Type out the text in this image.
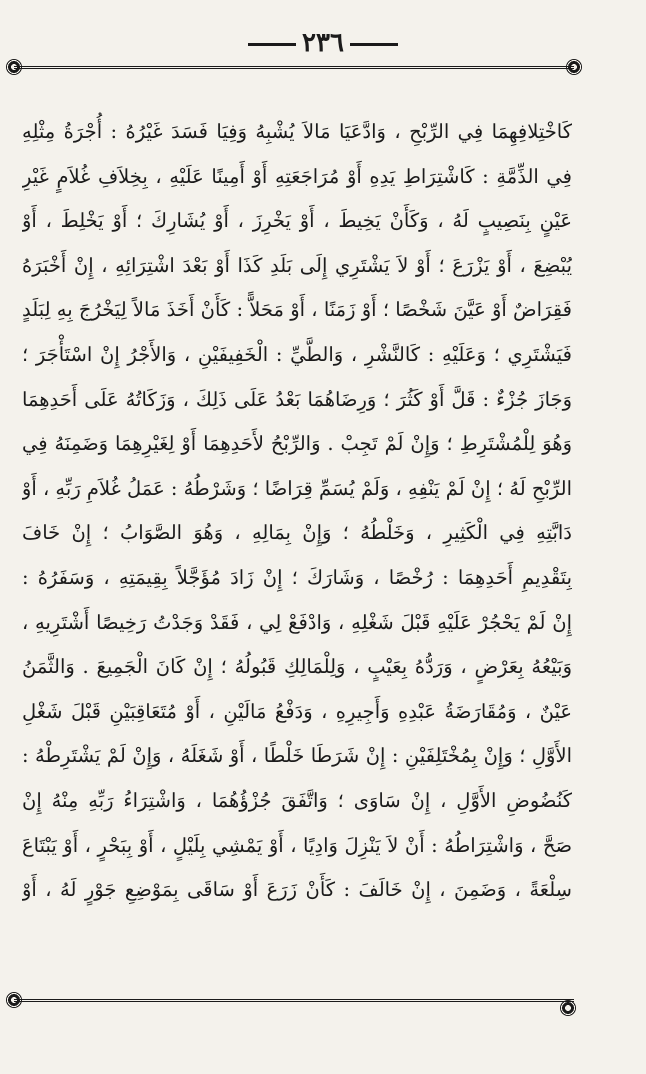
٢٣٦
كَاخْتِلافِهِمَا فِي الرِّبْحِ ، وَادَّعَيَا مَالاَ يُشْبِهُ وَفِيَا فَسَدَ غَيْرُهُ : أُجْرَةُ مِثْلِهِ
فِي الذِّمَّةِ : كَاشْتِرَاطِ يَدِهِ أَوْ مُرَاجَعَتِهِ أَوْ أَمِينًا عَلَيْهِ ، بِخِلاَفِ غُلاَمٍ غَيْرِ
عَيْنٍ بِنَصِيبٍ لَهُ ، وَكَأَنْ يَخِيطَ ، أَوْ يَخْرِزَ ، أَوْ يُشَارِكَ ؛ أَوْ يَخْلِطَ ، أَوْ
يُبْضِعَ ، أَوْ يَزْرَعَ ؛ أَوْ لاَ يَشْتَرِي إِلَى بَلَدِ كَذَا أَوْ بَعْدَ اشْتِرَائِهِ ، إِنْ أَخْبَرَهُ
فَقِرَاضٌ أَوْ عَيَّنَ شَخْصًا ؛ أَوْ زَمَنًا ، أَوْ مَحَلاًّ : كَأَنْ أَخَذَ مَالاً لِيَخْرُجَ بِهِ لِبَلَدٍ
فَيَشْتَرِي ؛ وَعَلَيْهِ : كَالنَّشْرِ ، وَالطَّيِّ : الْخَفِيفَيْنِ ، وَالأَجْرُ إِنْ اسْتَأْجَرَ ؛
وَجَازَ جُزْءٌ : قَلَّ أَوْ كَثُرَ ؛ وَرِضَاهُمَا بَعْدُ عَلَى ذَلِكَ ، وَزَكَاتُهُ عَلَى أَحَدِهِمَا
وَهُوَ لِلْمُشْتَرِطِ ؛ وَإِنْ لَمْ تَجِبْ . وَالرِّبْحُ لأَحَدِهِمَا أَوْ لِغَيْرِهِمَا وَضَمِنَهُ فِي
الرِّبْحِ لَهُ ؛ إِنْ لَمْ يَنْفِهِ ، وَلَمْ يُسَمِّ قِرَاضًا ؛ وَشَرْطُهُ : عَمَلُ غُلاَمِ رَبِّهِ ، أَوْ
دَابَّتِهِ فِي الْكَثِيرِ ، وَخَلْطُهُ ؛ وَإِنْ بِمَالِهِ ، وَهُوَ الصَّوَابُ ؛ إِنْ خَافَ
بِتَقْدِيمِ أَحَدِهِمَا : رُخْصًا ، وَشَارَكَ ؛ إِنْ زَادَ مُؤَجَّلاً بِقِيمَتِهِ ، وَسَفَرُهُ :
إِنْ لَمْ يَحْجُرْ عَلَيْهِ قَبْلَ شَغْلِهِ ، وَادْفَعْ لِي ، فَقَدْ وَجَدْتُ رَخِيصًا أَشْتَرِيهِ ،
وَبَيْعُهُ بِعَرْضٍ ، وَرَدُّهُ بِعَيْبٍ ، وَلِلْمَالِكِ قَبُولُهُ ؛ إِنْ كَانَ الْجَمِيعَ . وَالثَّمَنُ
عَيْنٌ ، وَمُقَارَضَةُ عَبْدِهِ وَأَجِيرِهِ ، وَدَفْعُ مَالَيْنِ ، أَوْ مُتَعَاقِبَيْنِ قَبْلَ شَغْلِ
الأَوَّلِ ؛ وَإِنْ بِمُخْتَلِفَيْنِ : إِنْ شَرَطَا خَلْطًا ، أَوْ شَغَلَهُ ، وَإِنْ لَمْ يَشْتَرِطْهُ :
كَنُضُوضِ الأَوَّلِ ، إِنْ سَاوَى ؛ وَاتَّفَقَ جُزْؤُهُمَا ، وَاشْتِرَاءُ رَبِّهِ مِنْهُ إِنْ
صَحَّ ، وَاشْتِرَاطُهُ : أَنْ لاَ يَنْزِلَ وَادِيًا ، أَوْ يَمْشِي بِلَيْلٍ ، أَوْ بِبَحْرٍ ، أَوْ يَبْتَاعَ
سِلْعَةً ، وَضَمِنَ ، إِنْ خَالَفَ : كَأَنْ زَرَعَ أَوْ سَاقَى بِمَوْضِعِ جَوْرٍ لَهُ ، أَوْ
